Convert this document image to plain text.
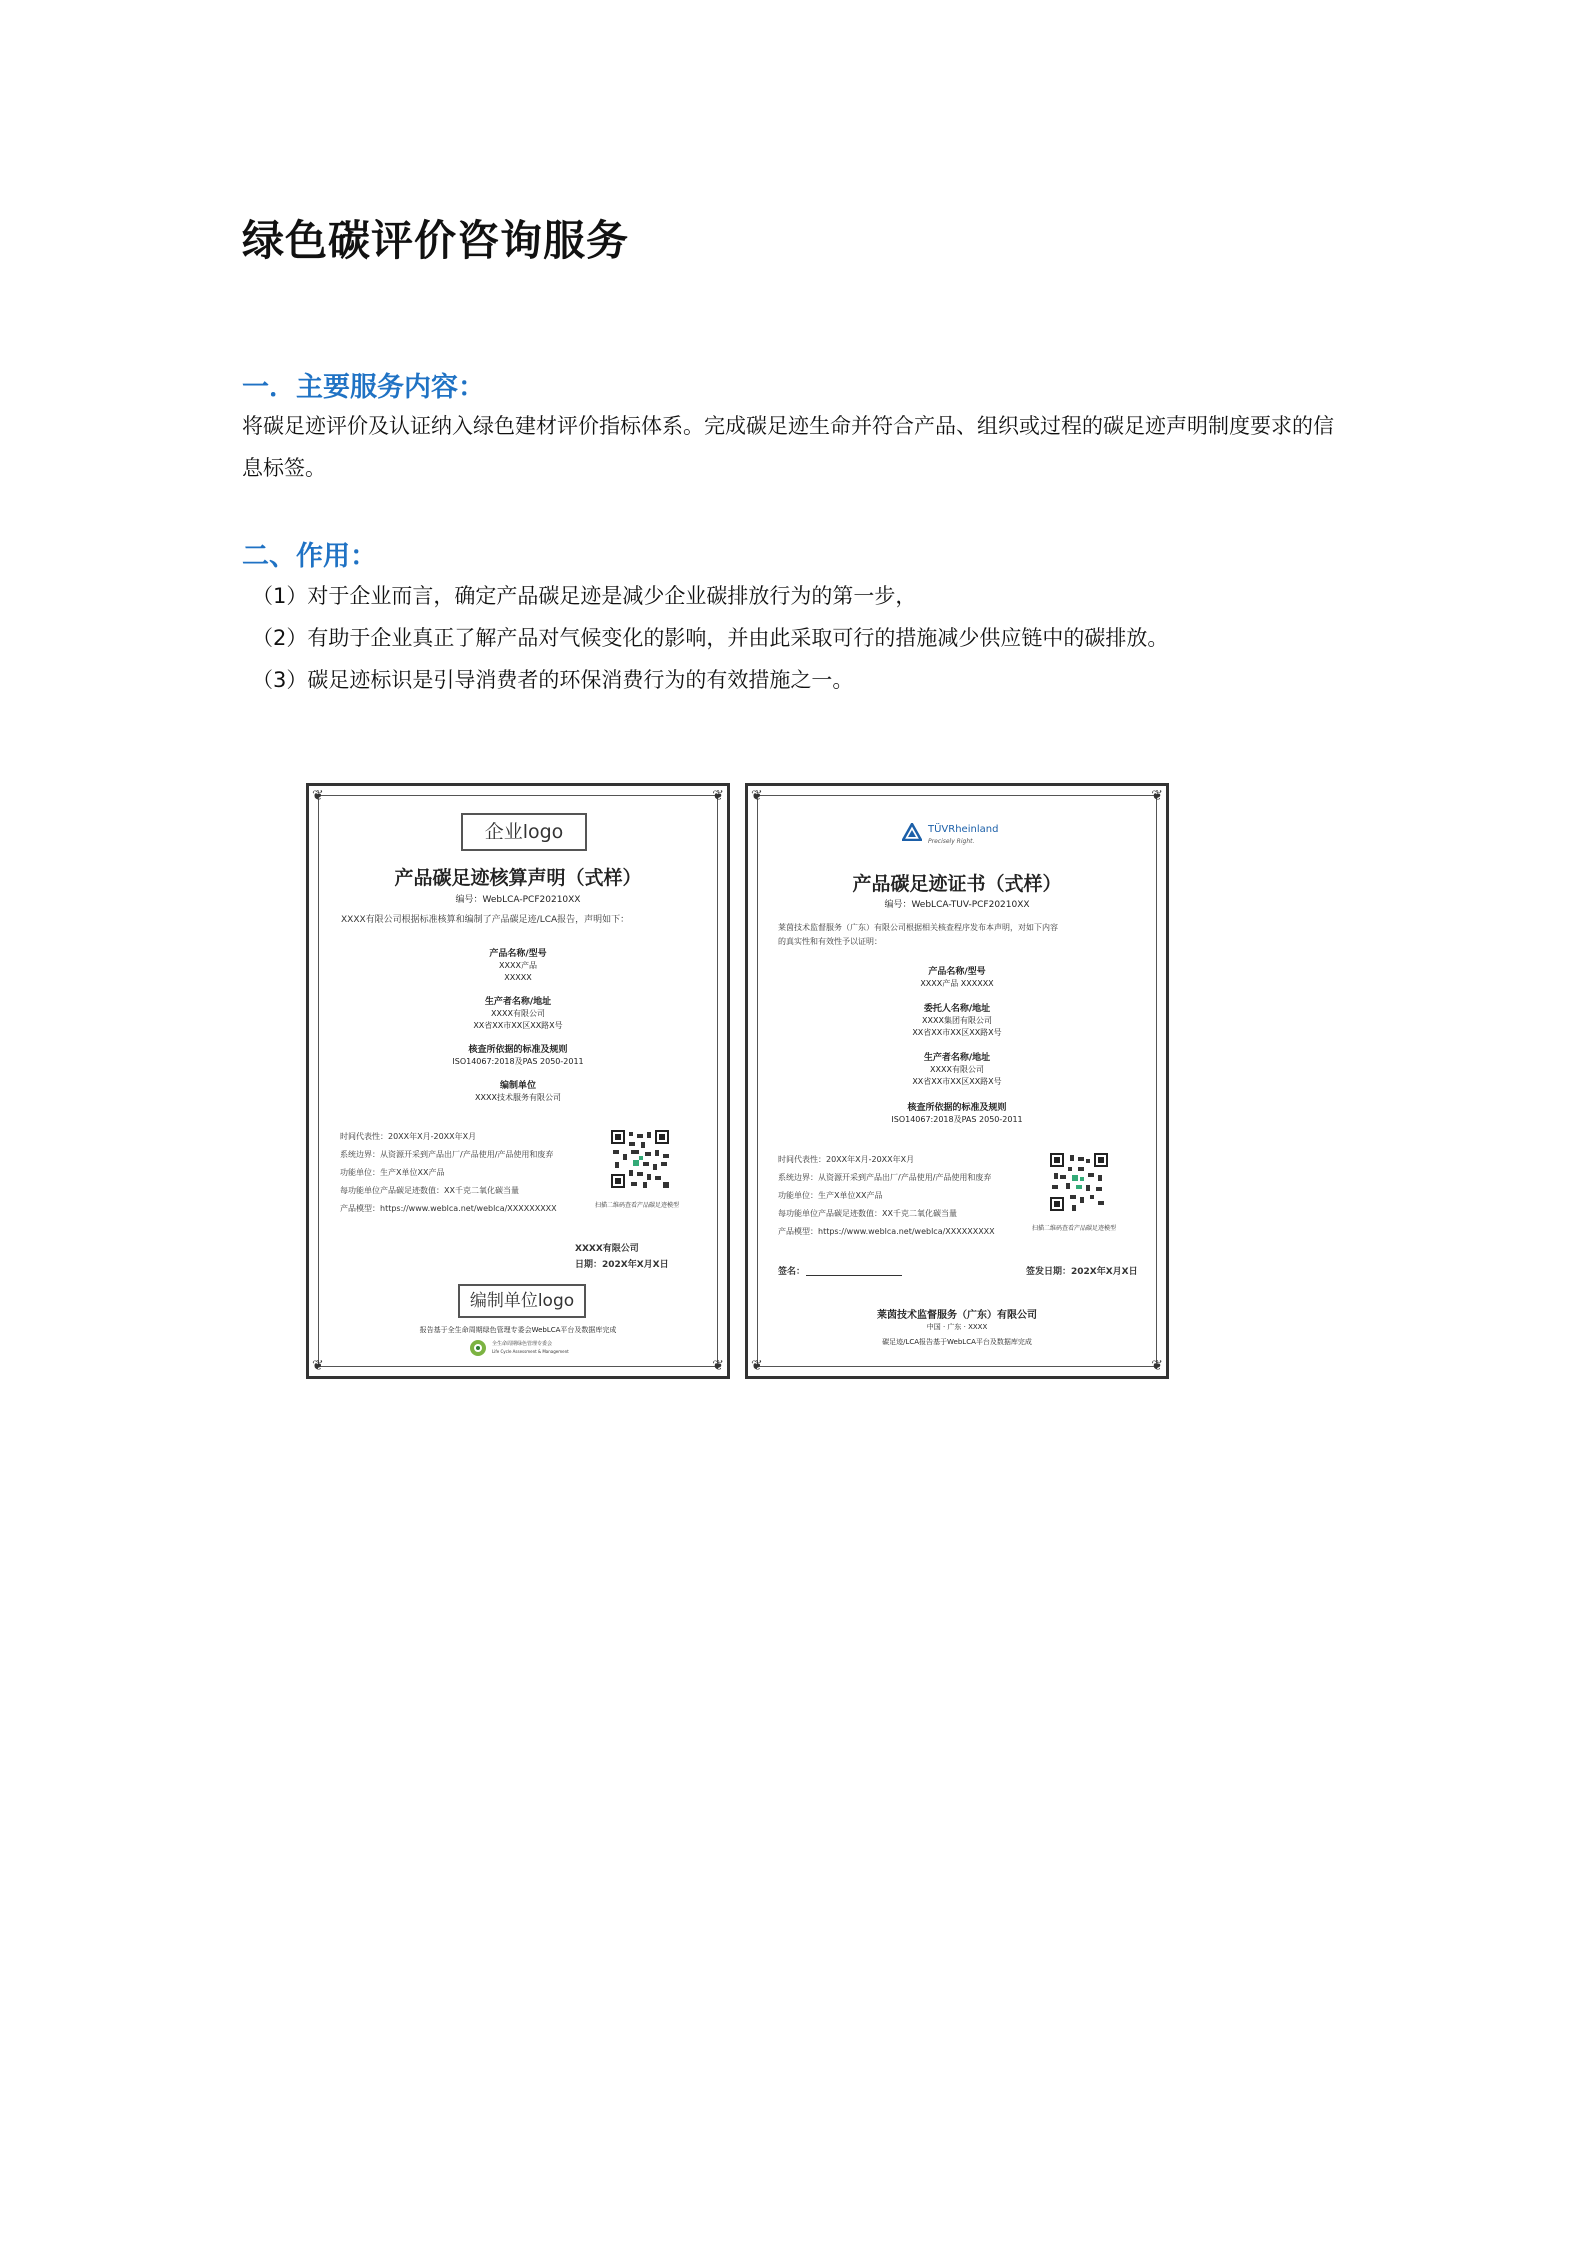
绿色碳评价咨询服务
一．主要服务内容：
将碳足迹评价及认证纳入绿色建材评价指标体系。完成碳足迹生命并符合产品、组织或过程的碳足迹声明制度要求的信
息标签。
二、作用：
（1）对于企业而言，确定产品碳足迹是减少企业碳排放行为的第一步，
（2）有助于企业真正了解产品对气候变化的影响，并由此采取可行的措施减少供应链中的碳排放。
（3）碳足迹标识是引导消费者的环保消费行为的有效措施之一。
❦	❦
❦	❦
企业logo
产品碳足迹核算声明（式样）
编号：WebLCA-PCF20210XX
XXXX有限公司根据标准核算和编制了产品碳足迹/LCA报告，声明如下：
产品名称/型号
XXXX产品
XXXXX
生产者名称/地址
XXXX有限公司
XX省XX市XX区XX路X号
核查所依据的标准及规则
ISO14067:2018及PAS 2050-2011
编制单位
XXXX技术服务有限公司
时间代表性：20XX年X月-20XX年X月
系统边界：从资源开采到产品出厂/产品使用/产品使用和废弃
功能单位：生产X单位XX产品
每功能单位产品碳足迹数值：XX千克二氧化碳当量
产品模型：https://www.weblca.net/weblca/XXXXXXXXX	扫描二维码查看产品碳足迹模型
XXXX有限公司
日期：202X年X月X日
编制单位logo
报告基于全生命周期绿色管理专委会WebLCA平台及数据库完成
全生命周期绿色管理专委会
Life Cycle Assessment & Management
❦	❦
❦	❦
TÜVRheinland
Precisely Right.
产品碳足迹证书（式样）
编号：WebLCA-TUV-PCF20210XX
莱茵技术监督服务（广东）有限公司根据相关核查程序发布本声明，对如下内容
的真实性和有效性予以证明：
产品名称/型号
XXXX产品 XXXXXX
委托人名称/地址
XXXX集团有限公司
XX省XX市XX区XX路X号
生产者名称/地址
XXXX有限公司
XX省XX市XX区XX路X号
核查所依据的标准及规则
ISO14067:2018及PAS 2050-2011
时间代表性：20XX年X月-20XX年X月
系统边界：从资源开采到产品出厂/产品使用/产品使用和废弃
功能单位：生产X单位XX产品
每功能单位产品碳足迹数值：XX千克二氧化碳当量
产品模型：https://www.weblca.net/weblca/XXXXXXXXX	扫描二维码查看产品碳足迹模型
签名：	签发日期：202X年X月X日
莱茵技术监督服务（广东）有限公司
中国 · 广东 · XXXX
碳足迹/LCA报告基于WebLCA平台及数据库完成
